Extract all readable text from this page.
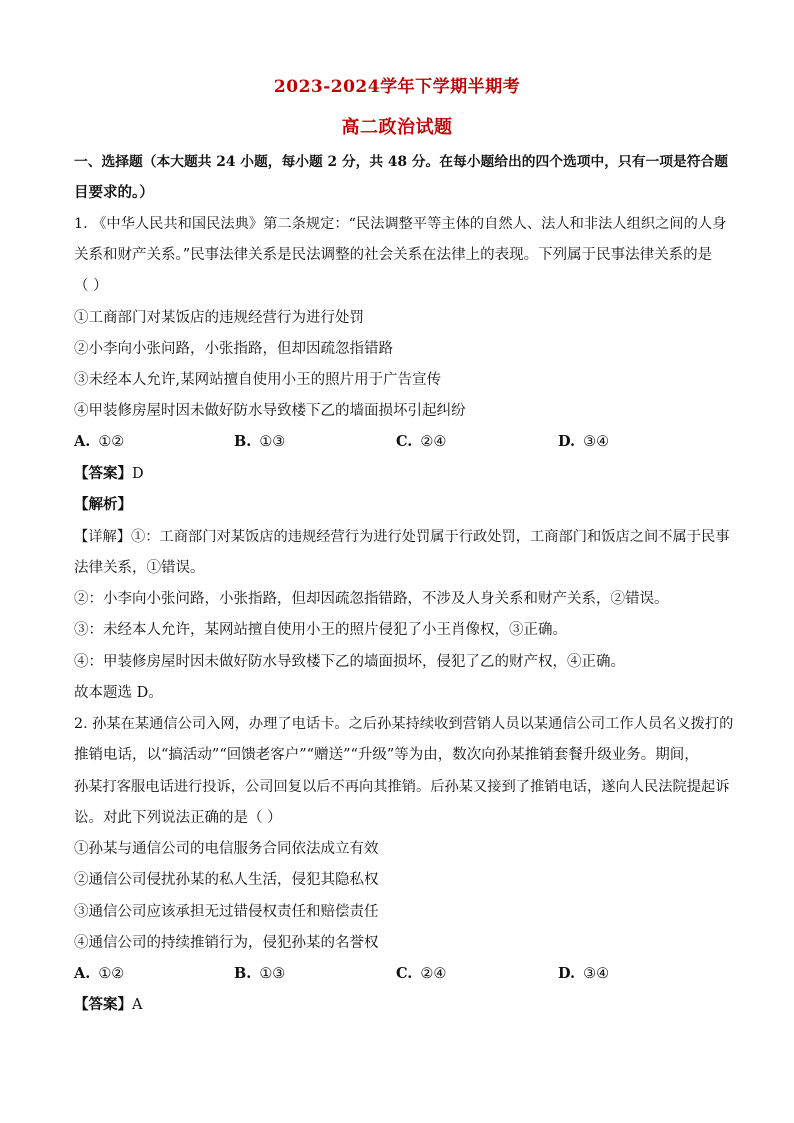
2023-2024学年下学期半期考
高二政治试题
一、选择题（本大题共 24 小题，每小题 2 分，共 48 分。在每小题给出的四个选项中，只有一项是符合题
目要求的。）
1. 《中华人民共和国民法典》第二条规定：“民法调整平等主体的自然人、法人和非法人组织之间的人身
关系和财产关系。”民事法律关系是民法调整的社会关系在法律上的表现。下列属于民事法律关系的是
（ ）
①工商部门对某饭店的违规经营行为进行处罚
②小李向小张问路，小张指路，但却因疏忽指错路
③未经本人允许,某网站擅自使用小王的照片用于广告宣传
④甲装修房屋时因未做好防水导致楼下乙的墙面损坏引起纠纷
A. ①②	B. ①③	C. ②④	D. ③④
【答案】D
【解析】
【详解】①：工商部门对某饭店的违规经营行为进行处罚属于行政处罚，工商部门和饭店之间不属于民事
法律关系，①错误。
②：小李向小张问路，小张指路，但却因疏忽指错路，不涉及人身关系和财产关系，②错误。
③：未经本人允许，某网站擅自使用小王的照片侵犯了小王肖像权，③正确。
④：甲装修房屋时因未做好防水导致楼下乙的墙面损坏，侵犯了乙的财产权，④正确。
故本题选 D。
2. 孙某在某通信公司入网，办理了电话卡。之后孙某持续收到营销人员以某通信公司工作人员名义拨打的
推销电话，以“搞活动”“回馈老客户”“赠送”“升级”等为由，数次向孙某推销套餐升级业务。期间，
孙某打客服电话进行投诉，公司回复以后不再向其推销。后孙某又接到了推销电话，遂向人民法院提起诉
讼。对此下列说法正确的是（ ）
①孙某与通信公司的电信服务合同依法成立有效
②通信公司侵扰孙某的私人生活，侵犯其隐私权
③通信公司应该承担无过错侵权责任和赔偿责任
④通信公司的持续推销行为，侵犯孙某的名誉权
A. ①②	B. ①③	C. ②④	D. ③④
【答案】A
